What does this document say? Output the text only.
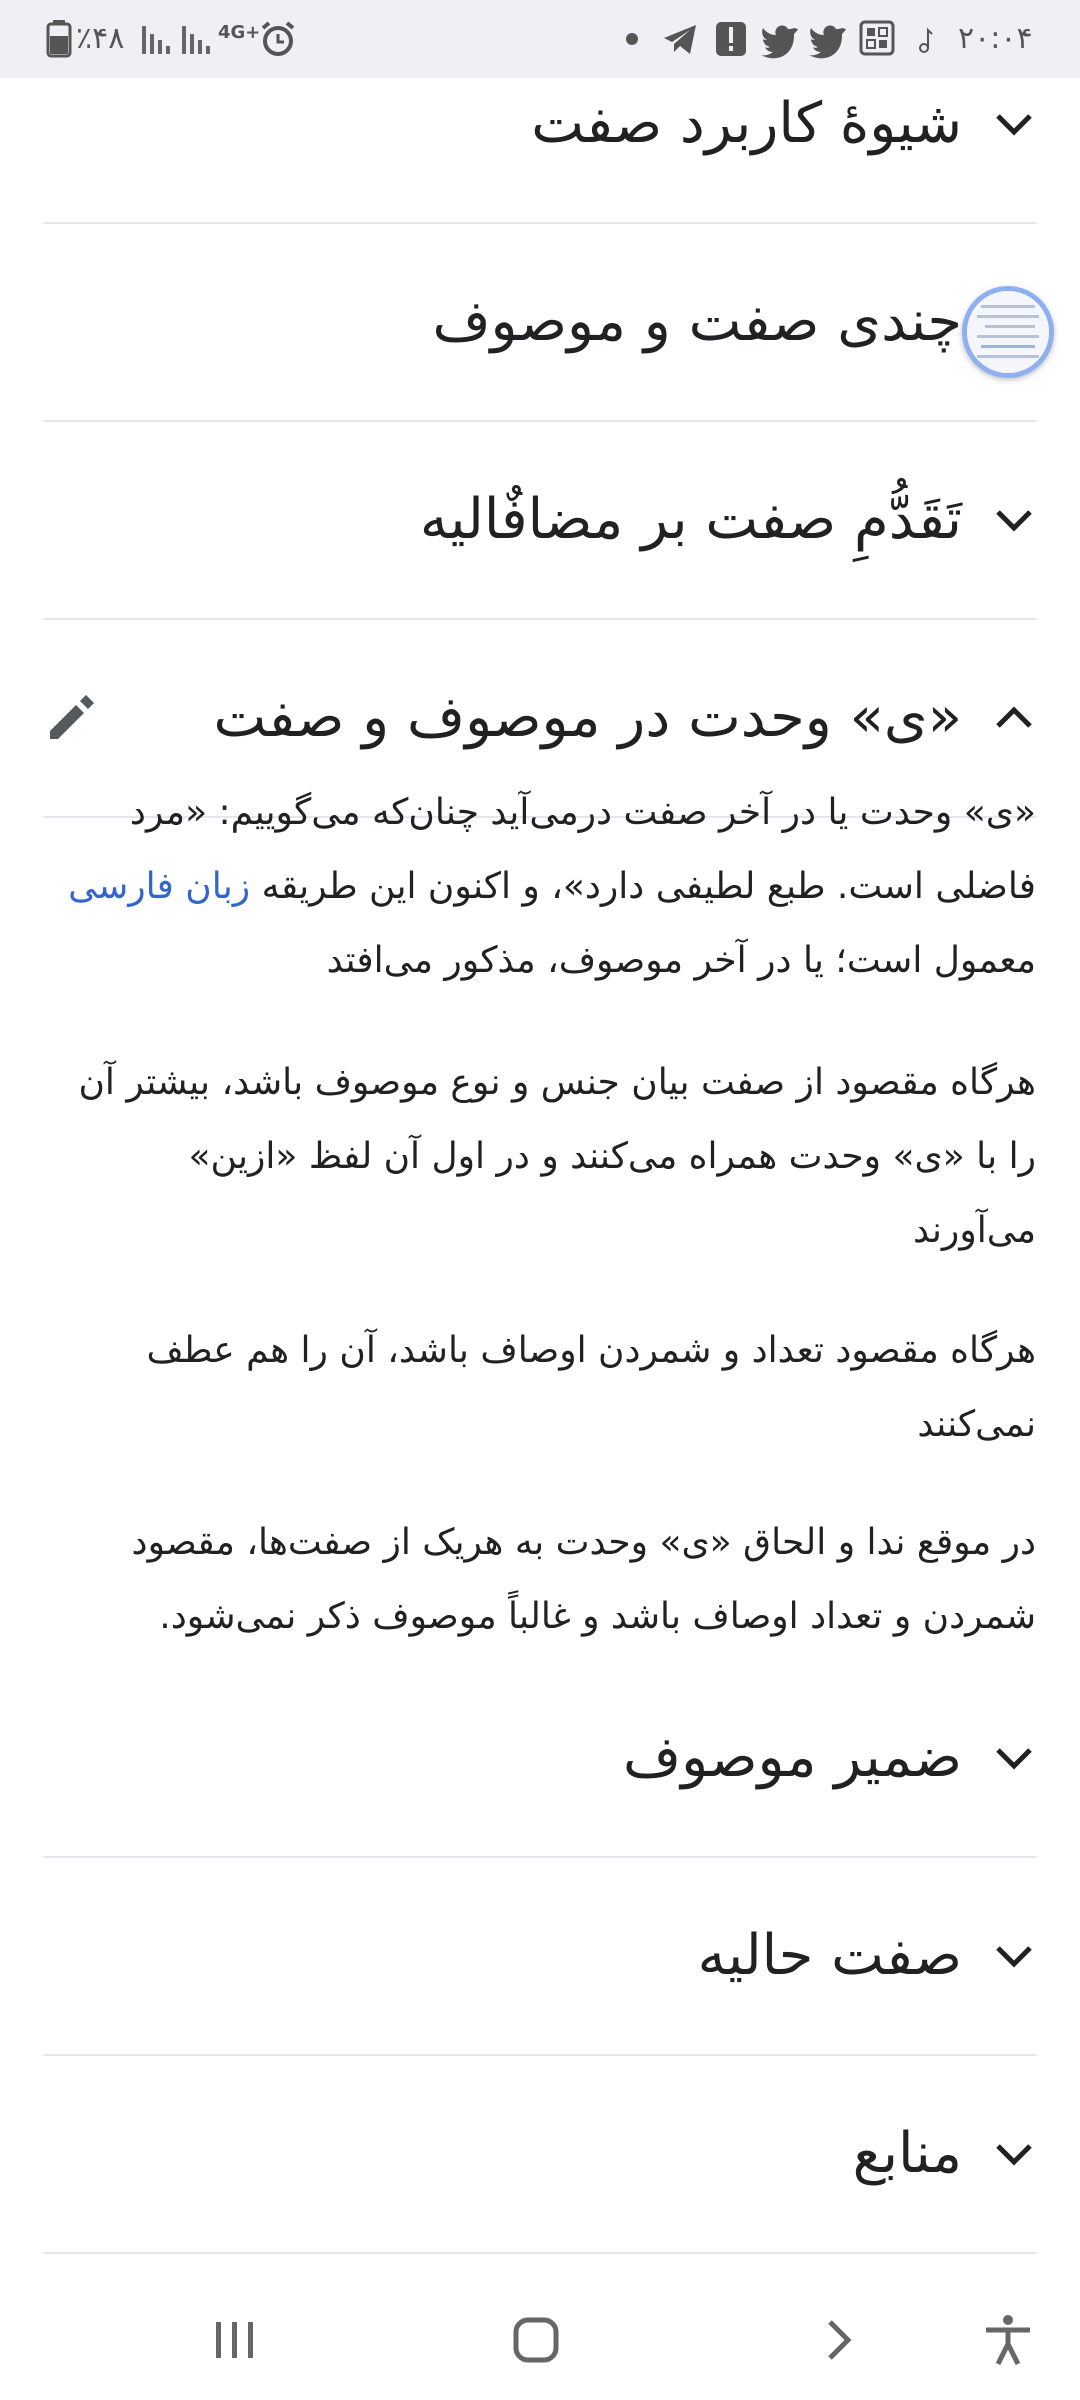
٪۴۸	4G+	۲۰:۰۴
شیوهٔ کاربرد صفت
چندی صفت و موصوف
تَقَدُّمِ صفت بر مضافٌالیه
«ی» وحدت در موصوف و صفت

«ی» وحدت یا در آخر صفت درمی‌آید چنان‌که می‌گوییم: «مرد فاضلی است. طبع لطیفی دارد»، و اکنون این طریقه زبان فارسی معمول است؛ یا در آخر موصوف، مذکور می‌افتد

هرگاه مقصود از صفت بیان جنس و نوع موصوف باشد، بیشتر آن را با «ی» وحدت همراه می‌کنند و در اول آن لفظ «ازین» می‌آورند

هرگاه مقصود تعداد و شمردن اوصاف باشد، آن را هم عطف نمی‌کنند

در موقع ندا و الحاق «ی» وحدت به هریک از صفت‌ها، مقصود شمردن و تعداد اوصاف باشد و غالباً موصوف ذکر نمی‌شود.

ضمیر موصوف
صفت حالیه
منابع
